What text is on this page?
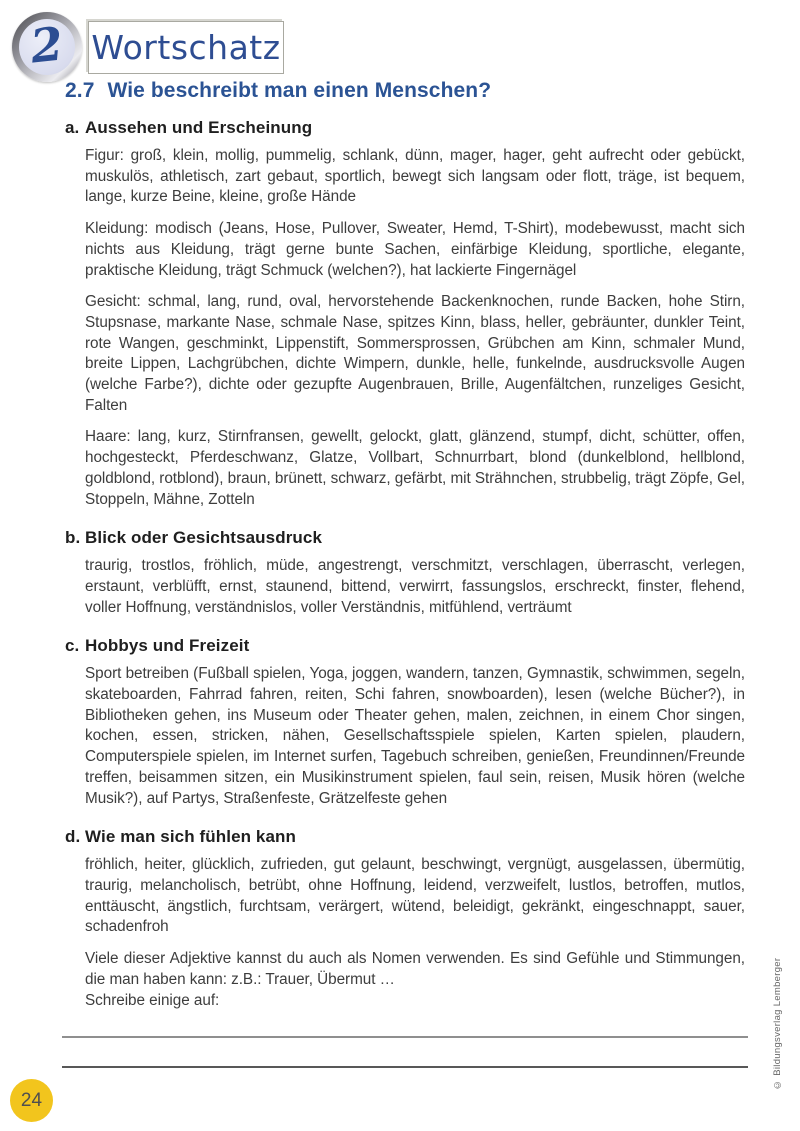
2 Wortschatz
2.7 Wie beschreibt man einen Menschen?
a. Aussehen und Erscheinung

Figur: groß, klein, mollig, pummelig, schlank, dünn, mager, hager, geht aufrecht oder gebückt, muskulös, athletisch, zart gebaut, sportlich, bewegt sich langsam oder flott, träge, ist bequem, lange, kurze Beine, kleine, große Hände

Kleidung: modisch (Jeans, Hose, Pullover, Sweater, Hemd, T-Shirt), modebewusst, macht sich nichts aus Kleidung, trägt gerne bunte Sachen, einfärbige Kleidung, sportliche, elegante, praktische Kleidung, trägt Schmuck (welchen?), hat lackierte Fingernägel

Gesicht: schmal, lang, rund, oval, hervorstehende Backenknochen, runde Backen, hohe Stirn, Stupsnase, markante Nase, schmale Nase, spitzes Kinn, blass, heller, gebräunter, dunkler Teint, rote Wangen, geschminkt, Lippenstift, Sommersprossen, Grübchen am Kinn, schmaler Mund, breite Lippen, Lachgrübchen, dichte Wimpern, dunkle, helle, funkelnde, ausdrucksvolle Augen (welche Farbe?), dichte oder gezupfte Augenbrauen, Brille, Augenfältchen, runzeliges Gesicht, Falten

Haare: lang, kurz, Stirnfransen, gewellt, gelockt, glatt, glänzend, stumpf, dicht, schütter, offen, hochgesteckt, Pferdeschwanz, Glatze, Vollbart, Schnurrbart, blond (dunkelblond, hellblond, goldblond, rotblond), braun, brünett, schwarz, gefärbt, mit Strähnchen, strubbelig, trägt Zöpfe, Gel, Stoppeln, Mähne, Zotteln

b. Blick oder Gesichtsausdruck

traurig, trostlos, fröhlich, müde, angestrengt, verschmitzt, verschlagen, überrascht, verlegen, erstaunt, verblüfft, ernst, staunend, bittend, verwirrt, fassungslos, erschreckt, finster, flehend, voller Hoffnung, verständnislos, voller Verständnis, mitfühlend, verträumt

c. Hobbys und Freizeit

Sport betreiben (Fußball spielen, Yoga, joggen, wandern, tanzen, Gymnastik, schwimmen, segeln, skateboarden, Fahrrad fahren, reiten, Schi fahren, snowboarden), lesen (welche Bücher?), in Bibliotheken gehen, ins Museum oder Theater gehen, malen, zeichnen, in einem Chor singen, kochen, essen, stricken, nähen, Gesellschaftsspiele spielen, Karten spielen, plaudern, Computerspiele spielen, im Internet surfen, Tagebuch schreiben, genießen, Freundinnen/Freunde treffen, beisammen sitzen, ein Musikinstrument spielen, faul sein, reisen, Musik hören (welche Musik?), auf Partys, Straßenfeste, Grätzelfeste gehen

d. Wie man sich fühlen kann

fröhlich, heiter, glücklich, zufrieden, gut gelaunt, beschwingt, vergnügt, ausgelassen, übermütig, traurig, melancholisch, betrübt, ohne Hoffnung, leidend, verzweifelt, lustlos, betroffen, mutlos, enttäuscht, ängstlich, furchtsam, verärgert, wütend, beleidigt, gekränkt, eingeschnappt, sauer, schadenfroh

Viele dieser Adjektive kannst du auch als Nomen verwenden. Es sind Gefühle und Stimmungen, die man haben kann: z.B.: Trauer, Übermut …

Schreibe einige auf:

24
© Bildungsverlag Lemberger
